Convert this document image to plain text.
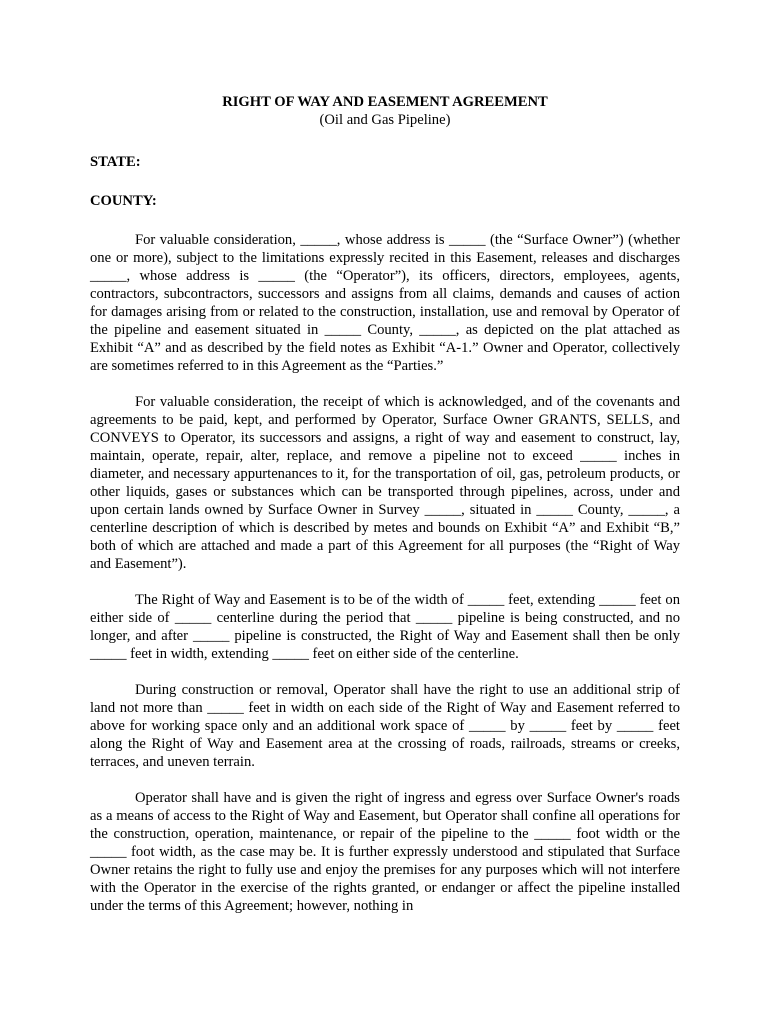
RIGHT OF WAY AND EASEMENT AGREEMENT

(Oil and Gas Pipeline)

STATE:

COUNTY:

For valuable consideration, _____, whose address is _____ (the “Surface Owner”) (whether one or more), subject to the limitations expressly recited in this Easement, releases and discharges _____, whose address is _____ (the “Operator”), its officers, directors, employees, agents, contractors, subcontractors, successors and assigns from all claims, demands and causes of action for damages arising from or related to the construction, installation, use and removal by Operator of the pipeline and easement situated in _____ County, _____, as depicted on the plat attached as Exhibit “A” and as described by the field notes as Exhibit “A-1.” Owner and Operator, collectively are sometimes referred to in this Agreement as the “Parties.”

For valuable consideration, the receipt of which is acknowledged, and of the covenants and agreements to be paid, kept, and performed by Operator, Surface Owner GRANTS, SELLS, and CONVEYS to Operator, its successors and assigns, a right of way and easement to construct, lay, maintain, operate, repair, alter, replace, and remove a pipeline not to exceed _____ inches in diameter, and necessary appurtenances to it, for the transportation of oil, gas, petroleum products, or other liquids, gases or substances which can be transported through pipelines, across, under and upon certain lands owned by Surface Owner in Survey _____, situated in _____ County, _____, a centerline description of which is described by metes and bounds on Exhibit “A” and Exhibit “B,” both of which are attached and made a part of this Agreement for all purposes (the “Right of Way and Easement”).

The Right of Way and Easement is to be of the width of _____ feet, extending _____ feet on either side of _____ centerline during the period that _____ pipeline is being constructed, and no longer, and after _____ pipeline is constructed, the Right of Way and Easement shall then be only _____ feet in width, extending _____ feet on either side of the centerline.

During construction or removal, Operator shall have the right to use an additional strip of land not more than _____ feet in width on each side of the Right of Way and Easement referred to above for working space only and an additional work space of _____ by _____ feet by _____ feet along the Right of Way and Easement area at the crossing of roads, railroads, streams or creeks, terraces, and uneven terrain.

Operator shall have and is given the right of ingress and egress over Surface Owner's roads as a means of access to the Right of Way and Easement, but Operator shall confine all operations for the construction, operation, maintenance, or repair of the pipeline to the _____ foot width or the _____ foot width, as the case may be. It is further expressly understood and stipulated that Surface Owner retains the right to fully use and enjoy the premises for any purposes which will not interfere with the Operator in the exercise of the rights granted, or endanger or affect the pipeline installed under the terms of this Agreement; however, nothing in
